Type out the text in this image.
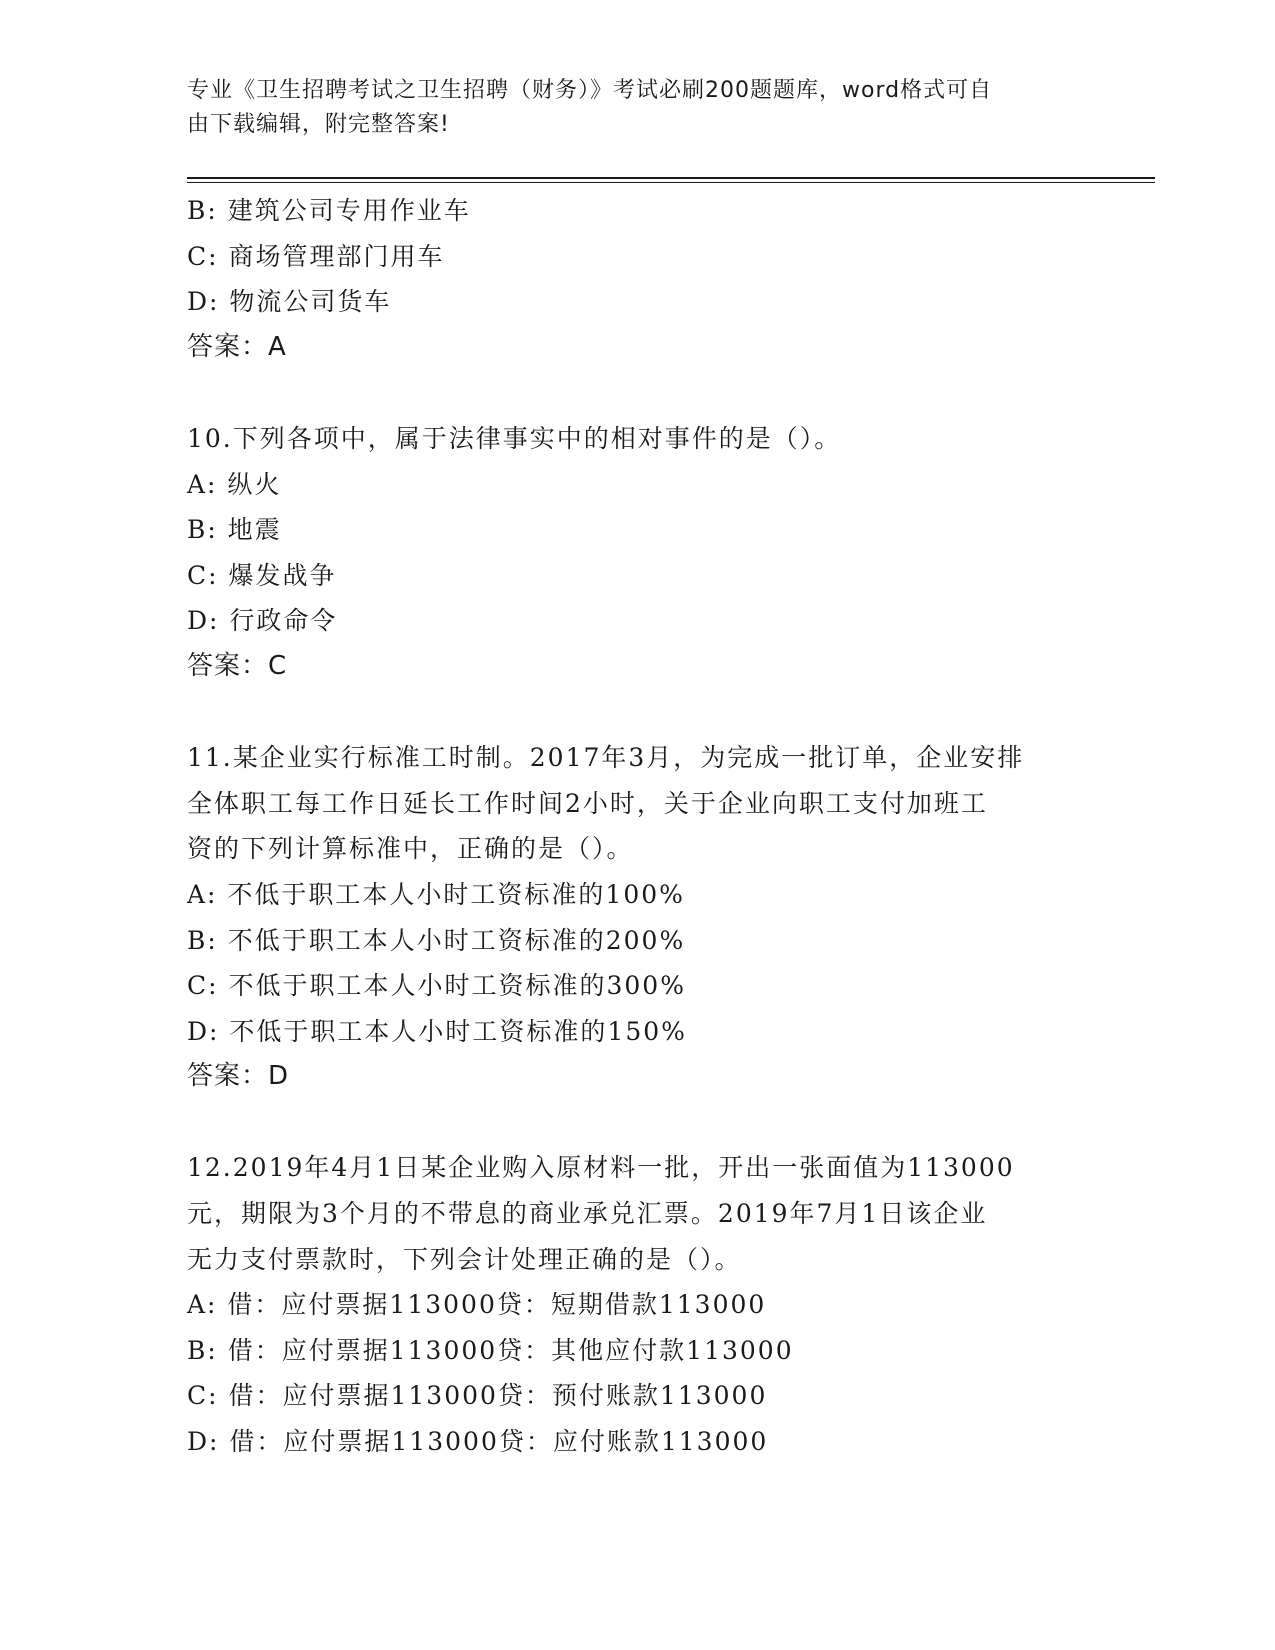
专业《卫生招聘考试之卫生招聘（财务）》考试必刷200题题库，word格式可自
由下载编辑，附完整答案!
B: 建筑公司专用作业车
C: 商场管理部门用车
D: 物流公司货车
答案：A
10.下列各项中，属于法律事实中的相对事件的是（）。
A: 纵火
B: 地震
C: 爆发战争
D: 行政命令
答案：C
11.某企业实行标准工时制。2017年3月，为完成一批订单，企业安排
全体职工每工作日延长工作时间2小时，关于企业向职工支付加班工
资的下列计算标准中，正确的是（）。
A: 不低于职工本人小时工资标准的100%
B: 不低于职工本人小时工资标准的200%
C: 不低于职工本人小时工资标准的300%
D: 不低于职工本人小时工资标准的150%
答案：D
12.2019年4月1日某企业购入原材料一批，开出一张面值为113000
元，期限为3个月的不带息的商业承兑汇票。2019年7月1日该企业
无力支付票款时，下列会计处理正确的是（）。
A: 借：应付票据113000贷：短期借款113000
B: 借：应付票据113000贷：其他应付款113000
C: 借：应付票据113000贷：预付账款113000
D: 借：应付票据113000贷：应付账款113000
